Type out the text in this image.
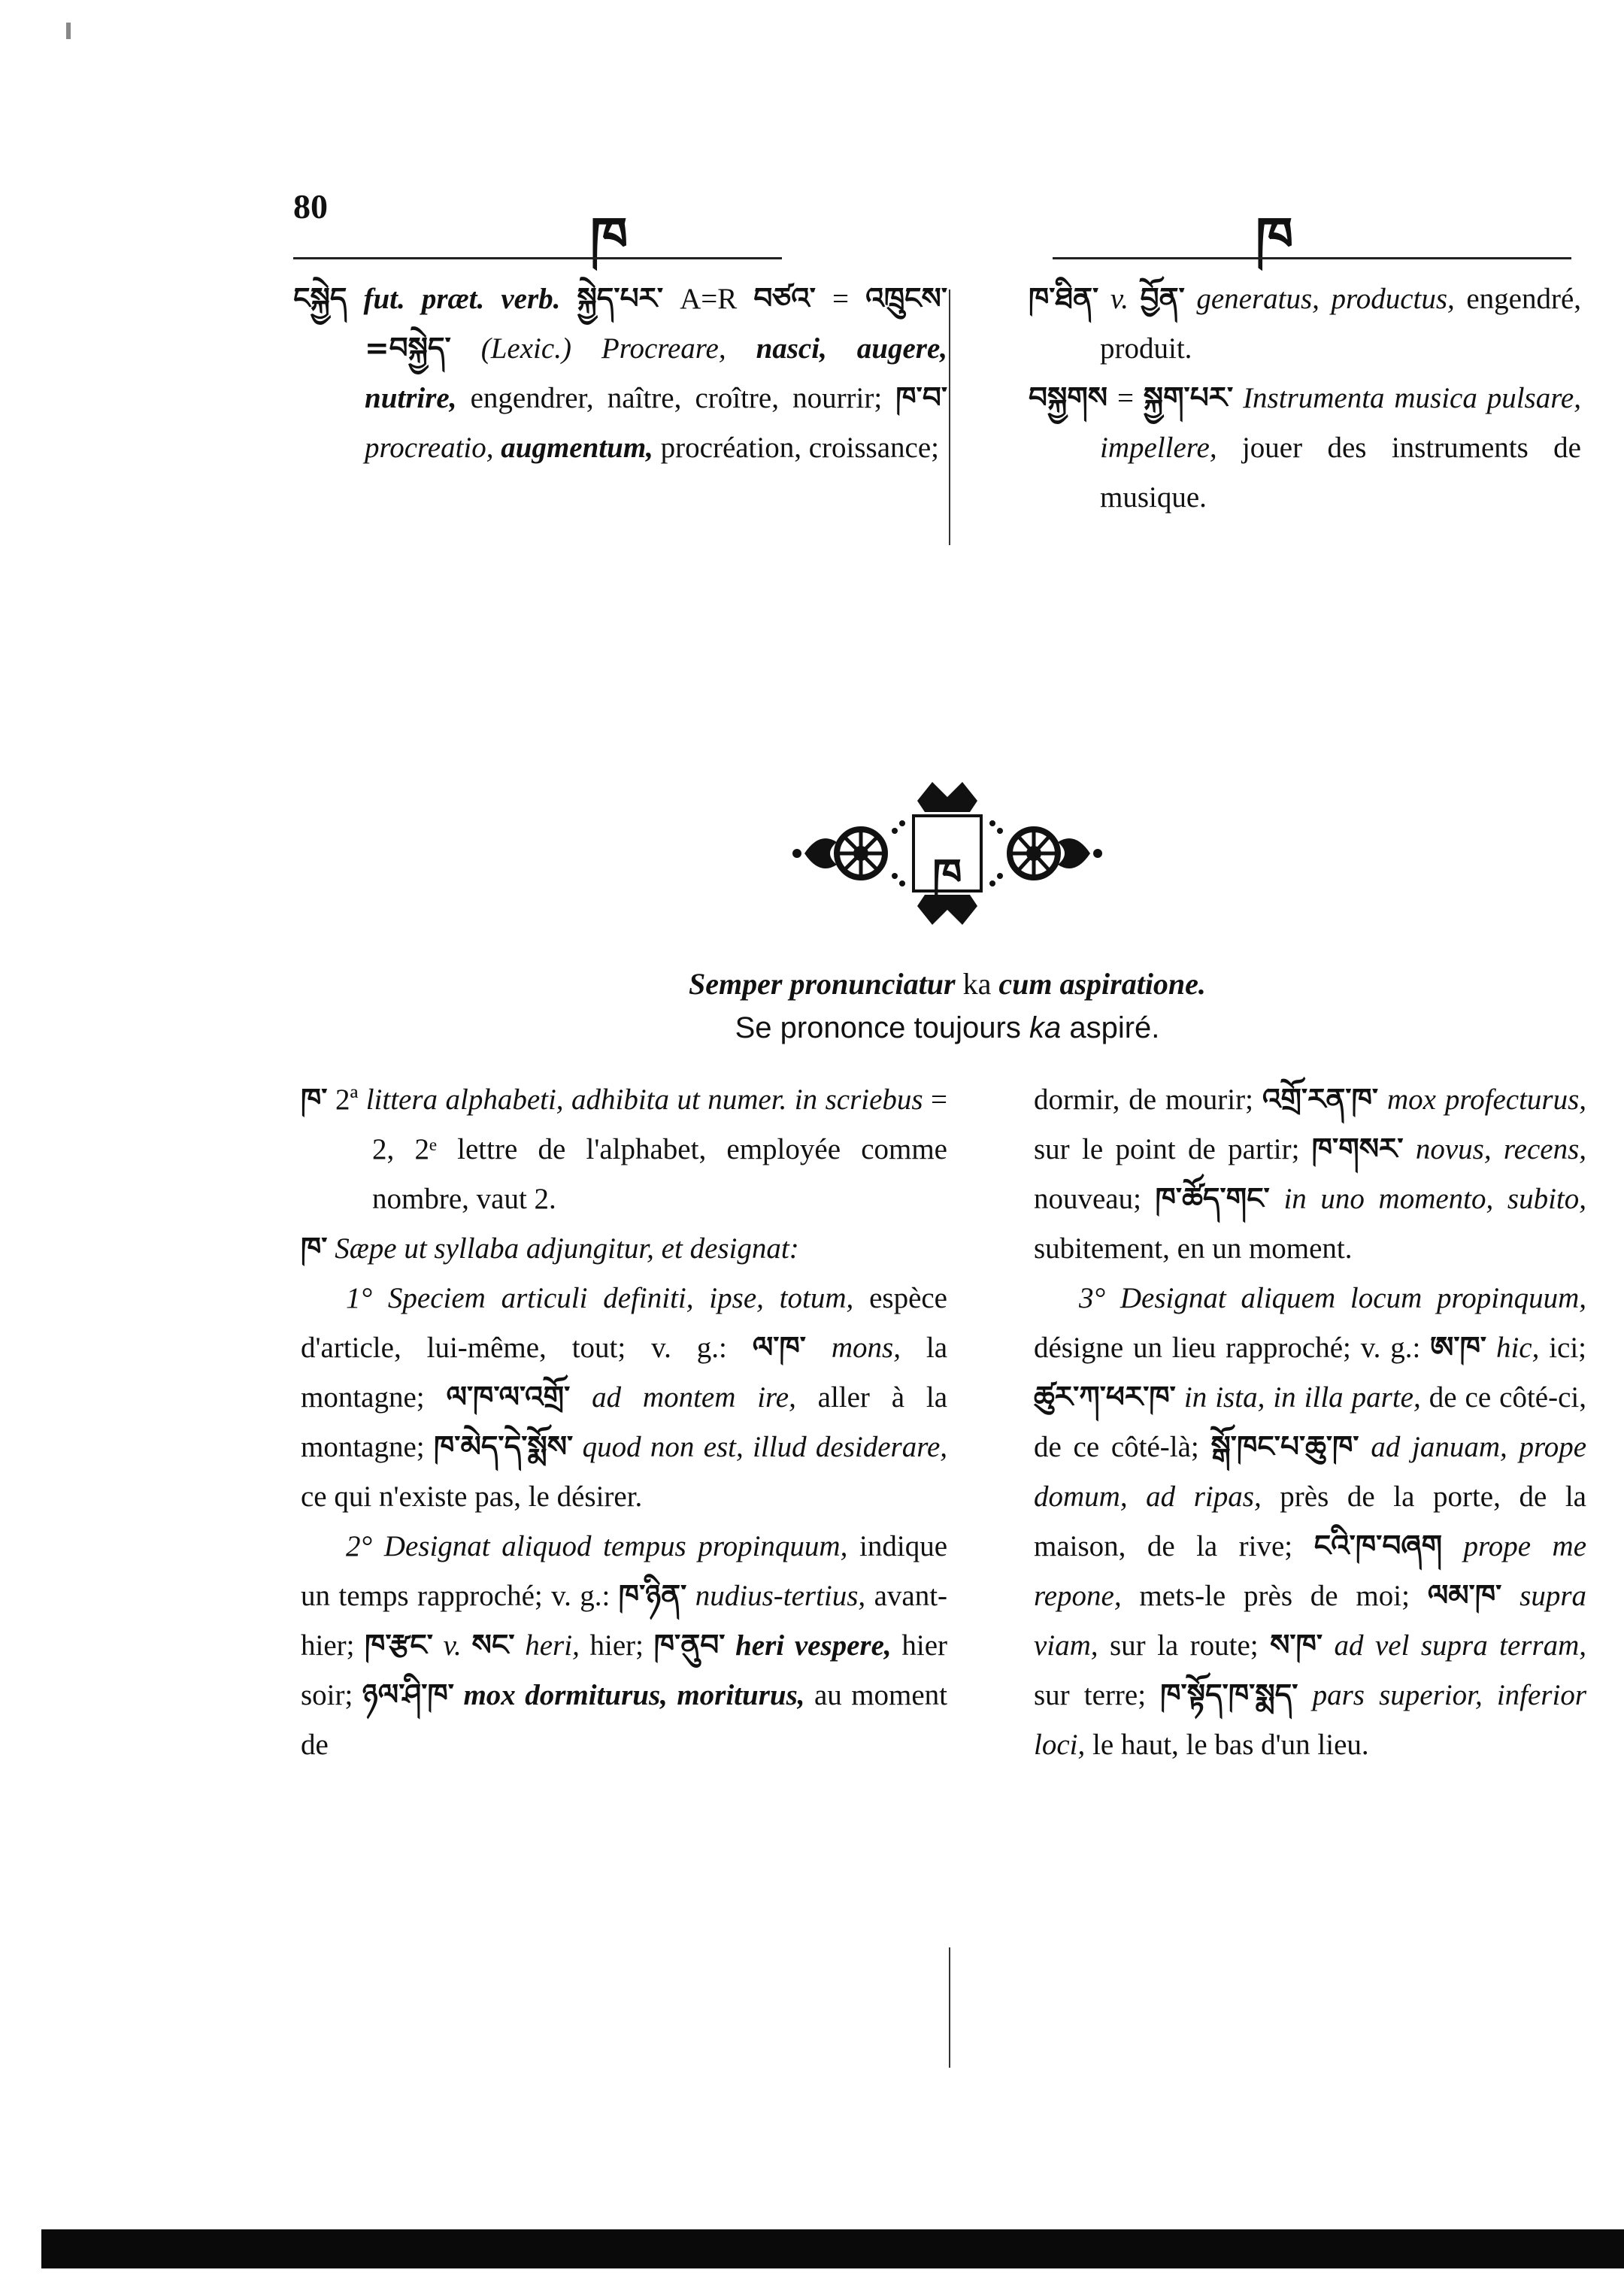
80	ཁ	ཁ

ངསྐྱེད fut. præt. verb. སྐྱེད་པར་ A=R བཙའ་ = འཁྲུངས་=བསྐྱེད་ (Lexic.) Procreare, nasci, augere, nutrire, engendrer, naître, croître, nourrir; ཁ་བ་ procreatio, augmentum, procréation, croissance;

ཁ་ཐིན་ v. བྱོན་ generatus, productus, engendré, produit.

བསྐྱགས = སྐྱག་པར་ Instrumenta musica pulsare, impellere, jouer des instruments de musique.

ཁ
Semper pronunciatur ka cum aspiratione.
Se prononce toujours ka aspiré.

ཁ་ 2ª littera alphabeti, adhibita ut numer. in scriebus = 2, 2ᵉ lettre de l'alphabet, employée comme nombre, vaut 2.

ཁ་ Sæpe ut syllaba adjungitur, et designat:

1° Speciem articuli definiti, ipse, totum, espèce d'article, lui-même, tout; v. g.: ལ་ཁ་ mons, la montagne; ལ་ཁ་ལ་འགྲོ་ ad montem ire, aller à la montagne; ཁ་མེད་དེ་སྨོས་ quod non est, illud desiderare, ce qui n'existe pas, le désirer.

2° Designat aliquod tempus propinquum, indique un temps rapproché; v. g.: ཁ་ཉིན་ nudius-tertius, avant-hier; ཁ་རྩང་ v. སང་ heri, hier; ཁ་ནུབ་ heri vespere, hier soir; ཉལ་ཤི་ཁ་ mox dormiturus, moriturus, au moment de

dormir, de mourir; འགྲོ་རན་ཁ་ mox profecturus, sur le point de partir; ཁ་གསར་ novus, recens, nouveau; ཁ་ཚོད་གང་ in uno momento, subito, subitement, en un moment.

3° Designat aliquem locum propinquum, désigne un lieu rapproché; v. g.: ཨ་ཁ་ hic, ici; ཚུར་ཀ་ཕར་ཁ་ in ista, in illa parte, de ce côté-ci, de ce côté-là; སྒོ་ཁང་པ་ཆུ་ཁ་ ad januam, prope domum, ad ripas, près de la porte, de la maison, de la rive; ངའི་ཁ་བཞག prope me repone, mets-le près de moi; ལམ་ཁ་ supra viam, sur la route; ས་ཁ་ ad vel supra terram, sur terre; ཁ་སྟོད་ཁ་སྨད་ pars superior, inferior loci, le haut, le bas d'un lieu.
